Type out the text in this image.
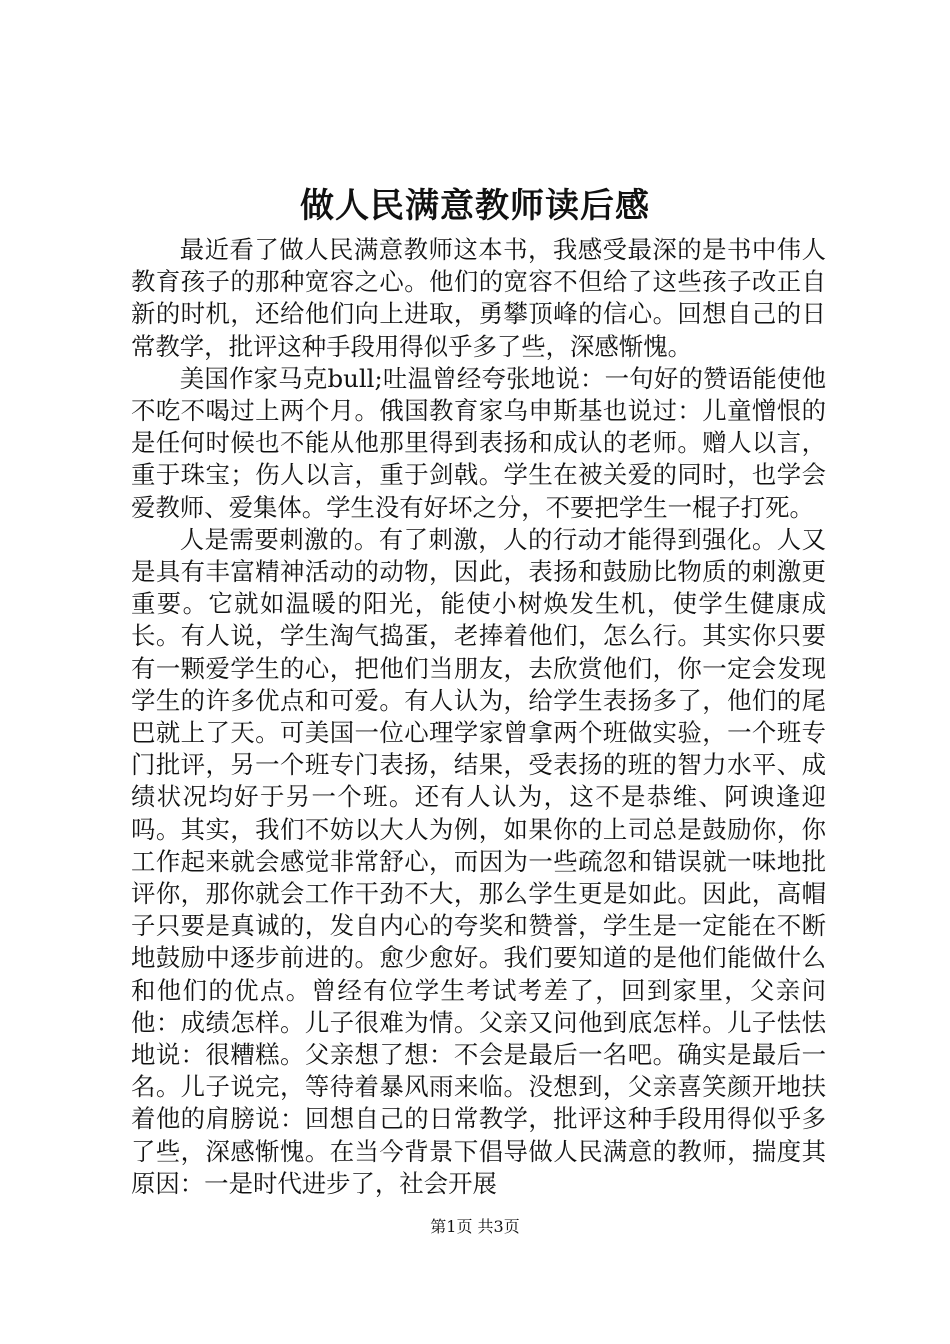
做人民满意教师读后感

最近看了做人民满意教师这本书，我感受最深的是书中伟人教育孩子的那种宽容之心。他们的宽容不但给了这些孩子改正自新的时机，还给他们向上进取，勇攀顶峰的信心。回想自己的日常教学，批评这种手段用得似乎多了些，深感惭愧。

美国作家马克bull;吐温曾经夸张地说：一句好的赞语能使他不吃不喝过上两个月。俄国教育家乌申斯基也说过：儿童憎恨的是任何时候也不能从他那里得到表扬和成认的老师。赠人以言，重于珠宝；伤人以言，重于剑戟。学生在被关爱的同时，也学会爱教师、爱集体。学生没有好坏之分，不要把学生一棍子打死。

人是需要刺激的。有了刺激，人的行动才能得到强化。人又是具有丰富精神活动的动物，因此，表扬和鼓励比物质的刺激更重要。它就如温暖的阳光，能使小树焕发生机，使学生健康成长。有人说，学生淘气捣蛋，老捧着他们，怎么行。其实你只要有一颗爱学生的心，把他们当朋友，去欣赏他们，你一定会发现学生的许多优点和可爱。有人认为，给学生表扬多了，他们的尾巴就上了天。可美国一位心理学家曾拿两个班做实验，一个班专门批评，另一个班专门表扬，结果，受表扬的班的智力水平、成绩状况均好于另一个班。还有人认为，这不是恭维、阿谀逢迎吗。其实，我们不妨以大人为例，如果你的上司总是鼓励你，你工作起来就会感觉非常舒心，而因为一些疏忽和错误就一味地批评你，那你就会工作干劲不大，那么学生更是如此。因此，高帽子只要是真诚的，发自内心的夸奖和赞誉，学生是一定能在不断地鼓励中逐步前进的。愈少愈好。我们要知道的是他们能做什么和他们的优点。曾经有位学生考试考差了，回到家里，父亲问他：成绩怎样。儿子很难为情。父亲又问他到底怎样。儿子怯怯地说：很糟糕。父亲想了想：不会是最后一名吧。确实是最后一名。儿子说完，等待着暴风雨来临。没想到，父亲喜笑颜开地扶着他的肩膀说：回想自己的日常教学，批评这种手段用得似乎多了些，深感惭愧。在当今背景下倡导做人民满意的教师，揣度其原因：一是时代进步了，社会开展

第1页 共3页
